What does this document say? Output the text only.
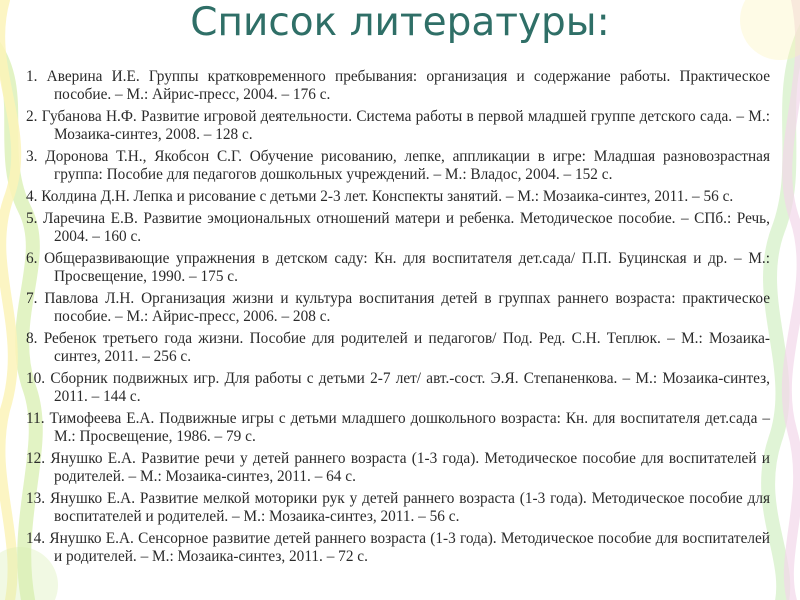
Список литературы:
1. Аверина И.Е. Группы кратковременного пребывания: организация и содержание работы. Практическое пособие. – М.: Айрис-пресс, 2004. – 176 с.
2. Губанова Н.Ф. Развитие игровой деятельности. Система работы в первой младшей группе детского сада. – М.: Мозаика-синтез, 2008. – 128 с.
3. Доронова Т.Н., Якобсон С.Г. Обучение рисованию, лепке, аппликации в игре: Младшая разновозрастная группа: Пособие для педагогов дошкольных учреждений. – М.: Владос, 2004. – 152 с.
4. Колдина Д.Н. Лепка и рисование с детьми 2-3 лет. Конспекты занятий. – М.: Мозаика-синтез, 2011. – 56 с.
5. Ларечина Е.В. Развитие эмоциональных отношений матери и ребенка. Методическое пособие. – СПб.: Речь, 2004. – 160 с.
6. Общеразвивающие упражнения в детском саду: Кн. для воспитателя дет.сада/ П.П. Буцинская и др. – М.: Просвещение, 1990. – 175 с.
7. Павлова Л.Н. Организация жизни и культура воспитания детей в группах раннего возраста: практическое пособие. – М.: Айрис-пресс, 2006. – 208 с.
8. Ребенок третьего года жизни. Пособие для родителей и педагогов/ Под. Ред. С.Н. Теплюк. – М.: Мозаика-синтез, 2011. – 256 с.
10. Сборник подвижных игр. Для работы с детьми 2-7 лет/ авт.-сост. Э.Я. Степаненкова. – М.: Мозаика-синтез, 2011. – 144 с.
11. Тимофеева Е.А. Подвижные игры с детьми младшего дошкольного возраста: Кн. для воспитателя дет.сада – М.: Просвещение, 1986. – 79 с.
12. Янушко Е.А. Развитие речи у детей раннего возраста (1-3 года). Методическое пособие для воспитателей и родителей. – М.: Мозаика-синтез, 2011. – 64 с.
13. Янушко Е.А. Развитие мелкой моторики рук у детей раннего возраста (1-3 года). Методическое пособие для воспитателей и родителей. – М.: Мозаика-синтез, 2011. – 56 с.
14. Янушко Е.А. Сенсорное развитие детей раннего возраста (1-3 года). Методическое пособие для воспитателей и родителей. – М.: Мозаика-синтез, 2011. – 72 с.
